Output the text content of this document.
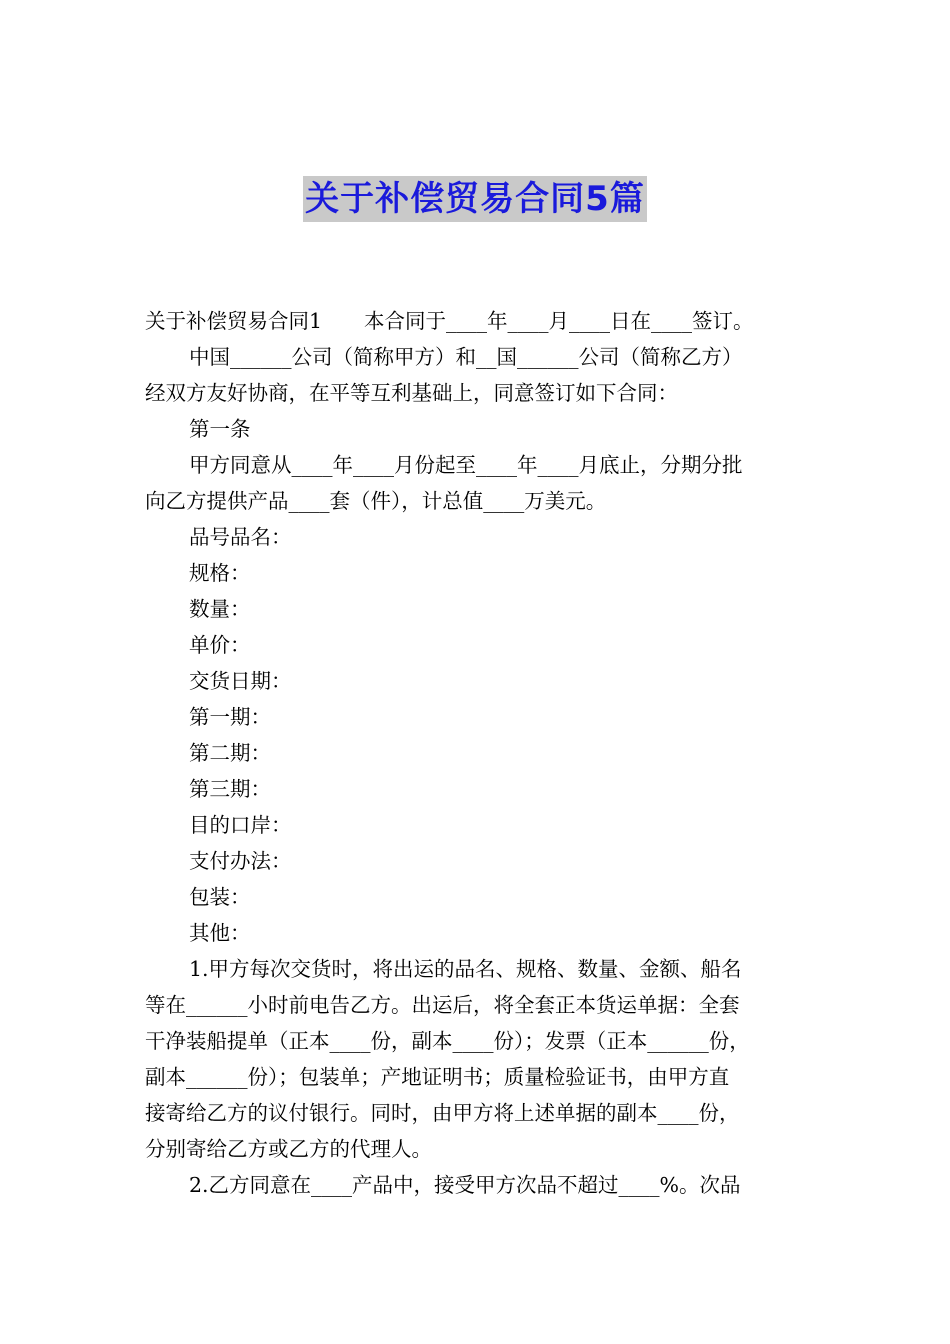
关于补偿贸易合同5篇

关于补偿贸易合同1 本合同于____年____月____日在____签订。

中国______公司（简称甲方）和__国______公司（简称乙方）

经双方友好协商，在平等互利基础上，同意签订如下合同：

第一条

甲方同意从____年____月份起至____年____月底止，分期分批

向乙方提供产品____套（件），计总值____万美元。

品号品名：

规格：

数量：

单价：

交货日期：

第一期：

第二期：

第三期：

目的口岸：

支付办法：

包装：

其他：

1.甲方每次交货时，将出运的品名、规格、数量、金额、船名

等在______小时前电告乙方。出运后，将全套正本货运单据：全套

干净装船提单（正本____份，副本____份）；发票（正本______份，

副本______份）；包装单；产地证明书；质量检验证书，由甲方直

接寄给乙方的议付银行。同时，由甲方将上述单据的副本____份，

分别寄给乙方或乙方的代理人。

2.乙方同意在____产品中，接受甲方次品不超过____%。次品
